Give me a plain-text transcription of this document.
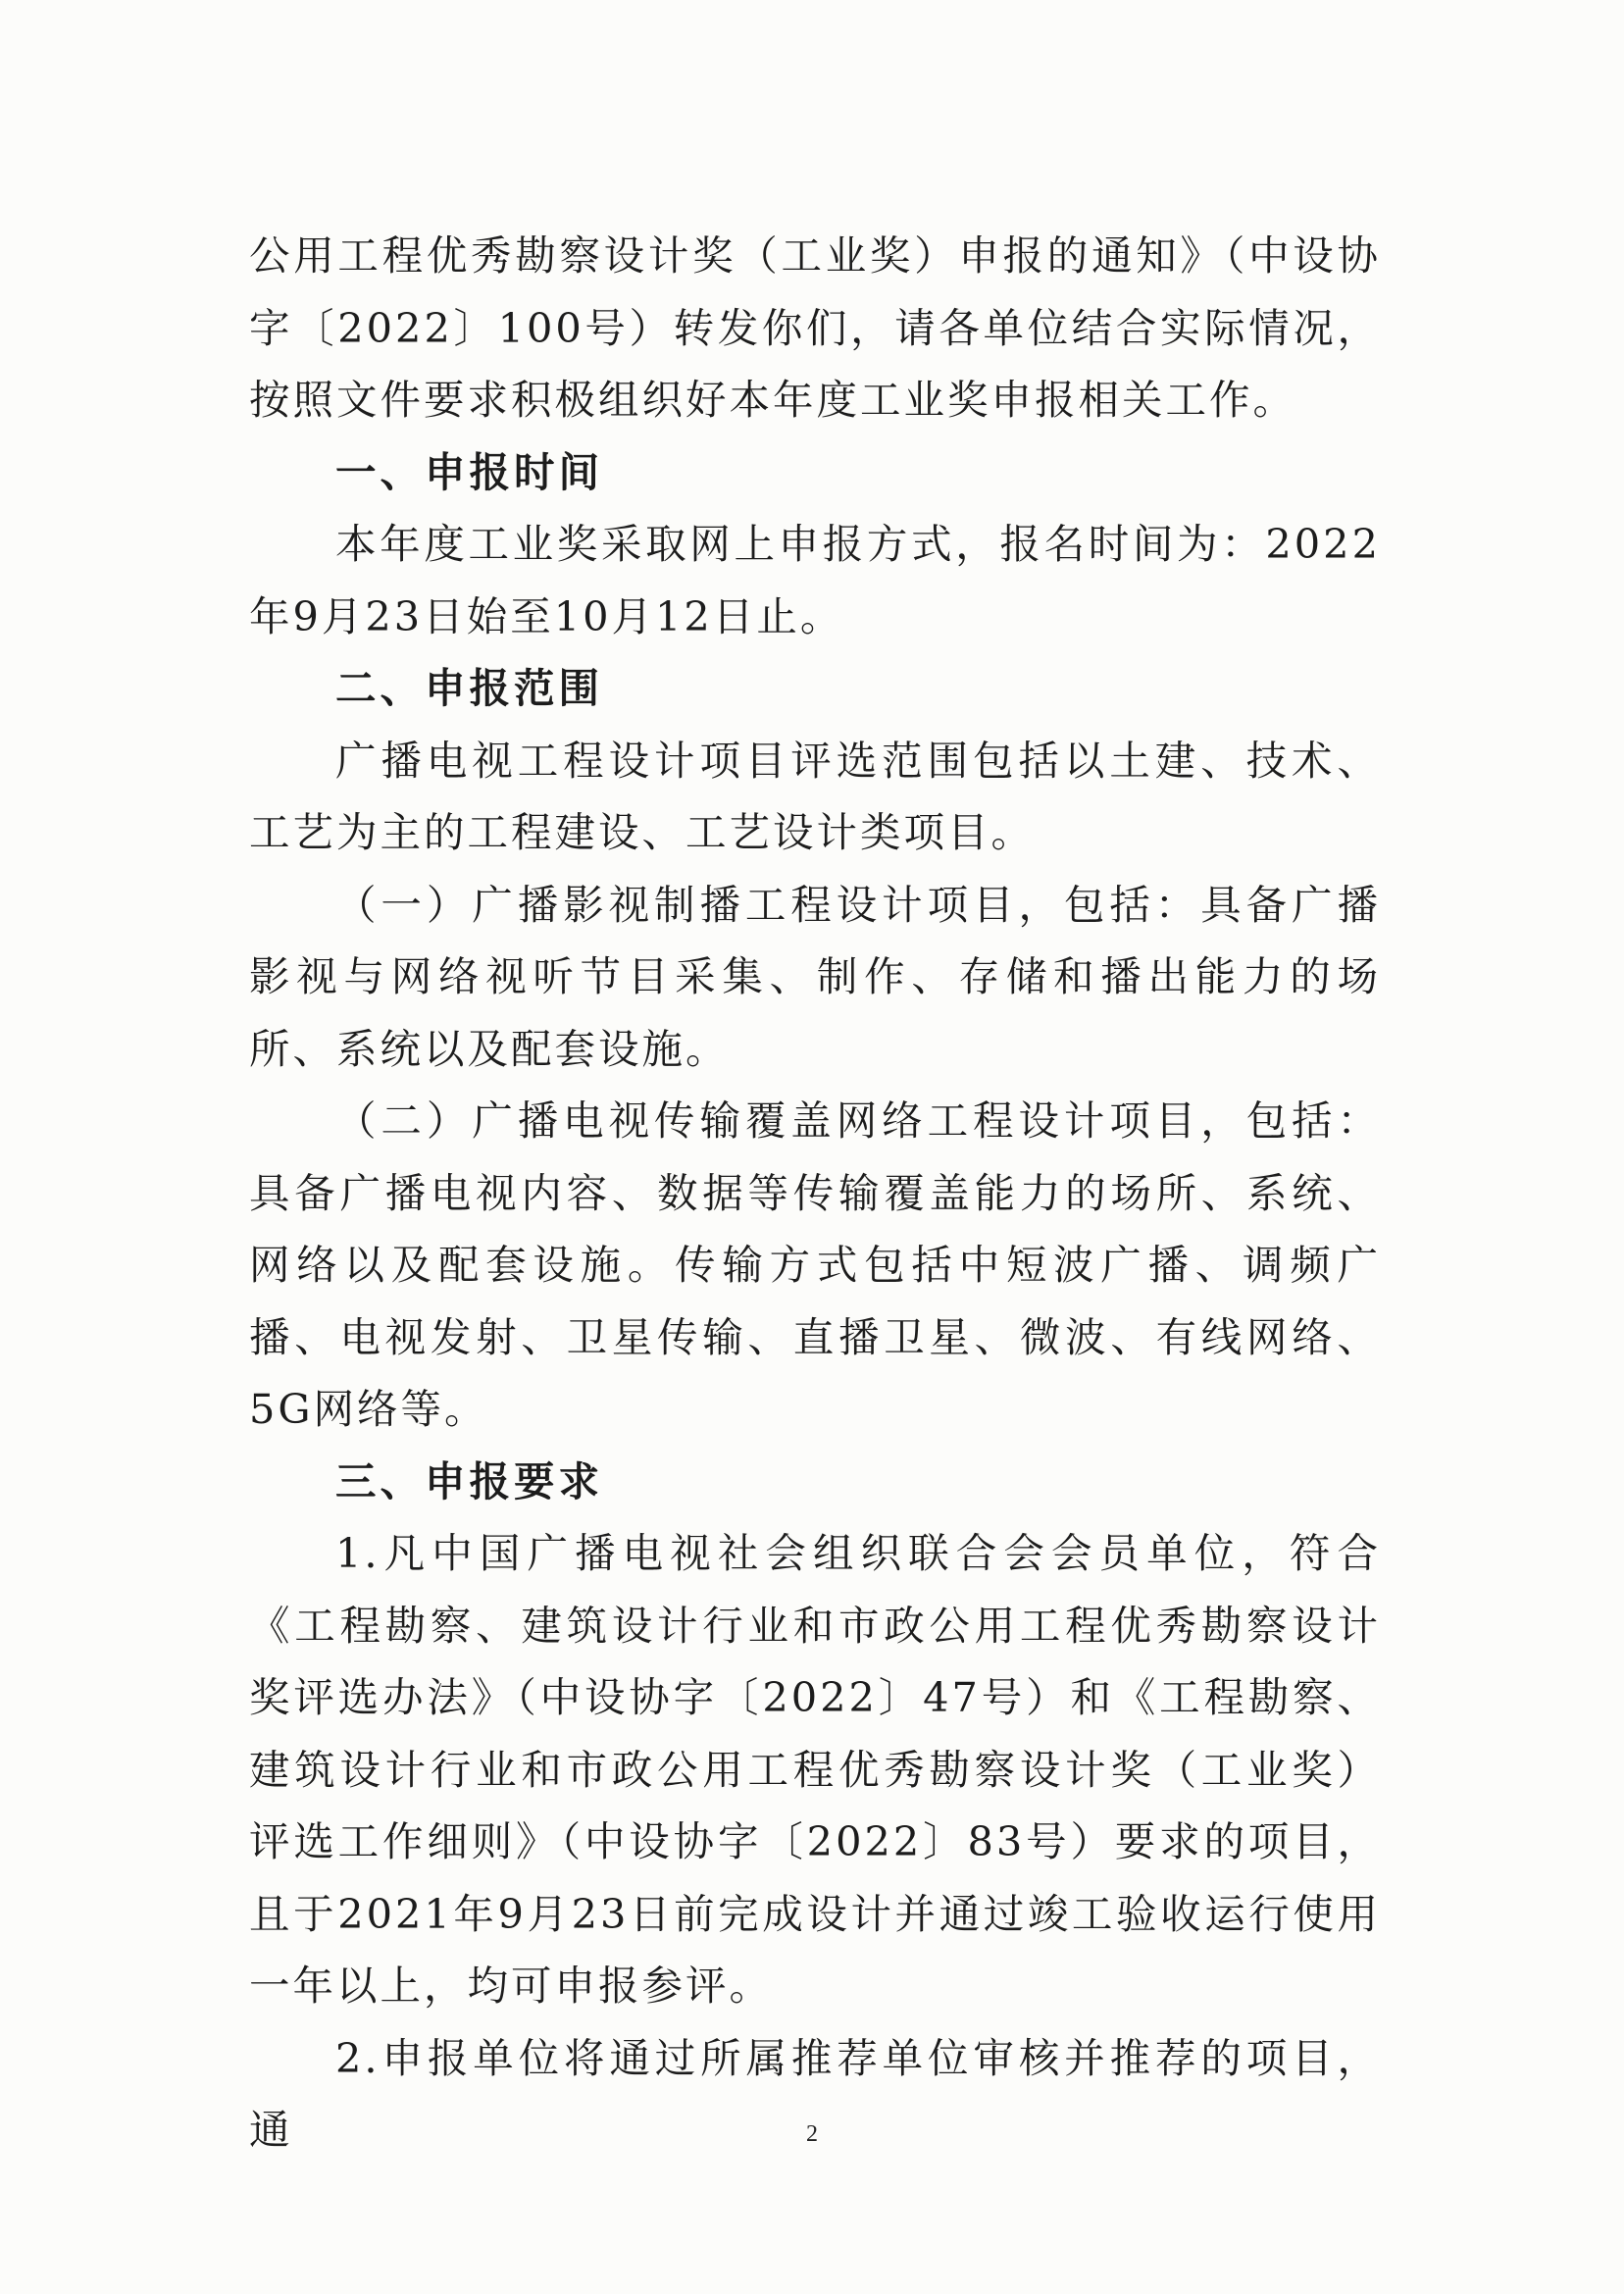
公用工程优秀勘察设计奖（工业奖）申报的通知》（中设协字〔2022〕100号）转发你们，请各单位结合实际情况，按照文件要求积极组织好本年度工业奖申报相关工作。

一、申报时间

本年度工业奖采取网上申报方式，报名时间为：2022年9月23日始至10月12日止。

二、申报范围

广播电视工程设计项目评选范围包括以土建、技术、工艺为主的工程建设、工艺设计类项目。

（一）广播影视制播工程设计项目，包括：具备广播影视与网络视听节目采集、制作、存储和播出能力的场所、系统以及配套设施。

（二）广播电视传输覆盖网络工程设计项目，包括：具备广播电视内容、数据等传输覆盖能力的场所、系统、网络以及配套设施。传输方式包括中短波广播、调频广播、电视发射、卫星传输、直播卫星、微波、有线网络、5G网络等。

三、申报要求

1.凡中国广播电视社会组织联合会会员单位，符合《工程勘察、建筑设计行业和市政公用工程优秀勘察设计奖评选办法》（中设协字〔2022〕47号）和《工程勘察、建筑设计行业和市政公用工程优秀勘察设计奖（工业奖）评选工作细则》（中设协字〔2022〕83号）要求的项目，且于2021年9月23日前完成设计并通过竣工验收运行使用一年以上，均可申报参评。

2.申报单位将通过所属推荐单位审核并推荐的项目，通	2
